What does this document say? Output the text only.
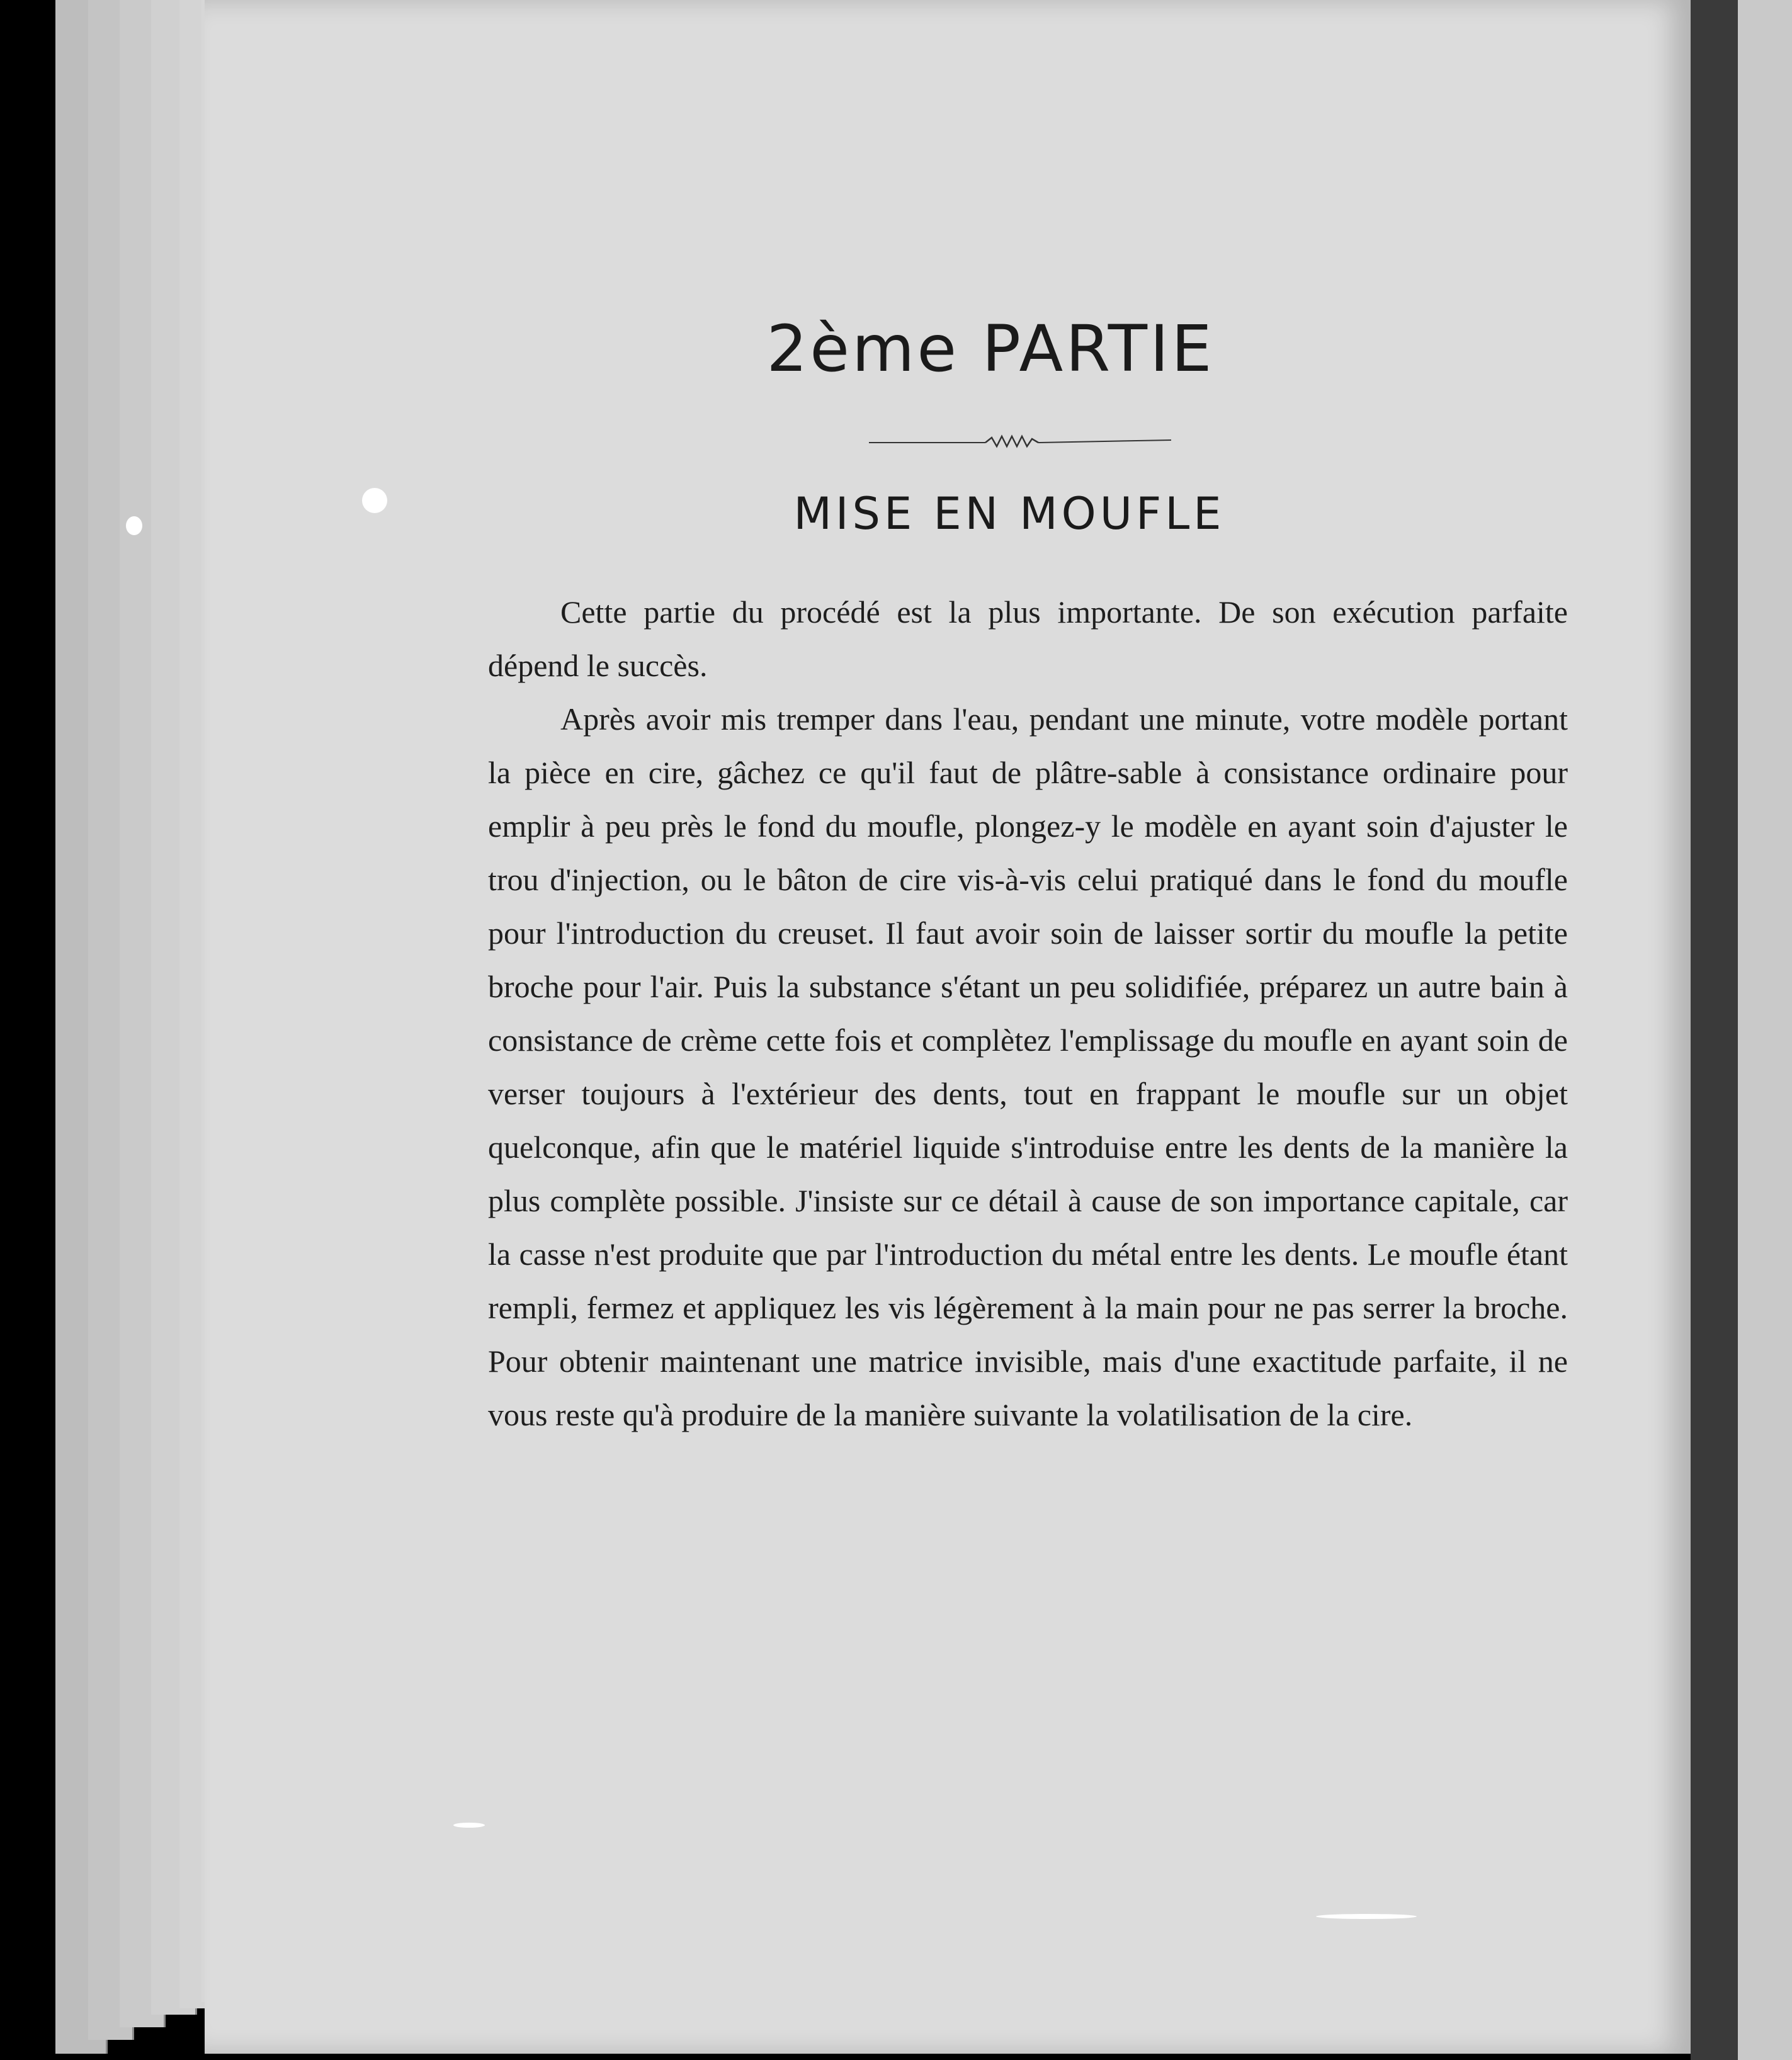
2ème PARTIE
MISE EN MOUFLE

Cette partie du procédé est la plus importante. De son exécution parfaite dépend le succès.

Après avoir mis tremper dans l'eau, pendant une minute, votre modèle portant la pièce en cire, gâchez ce qu'il faut de plâtre-sable à consistance ordinaire pour emplir à peu près le fond du moufle, plongez-y le modèle en ayant soin d'ajuster le trou d'injection, ou le bâton de cire vis-à-vis celui pratiqué dans le fond du moufle pour l'introduction du creuset. Il faut avoir soin de laisser sortir du moufle la petite broche pour l'air. Puis la substance s'étant un peu solidifiée, préparez un autre bain à consistance de crème cette fois et complètez l'emplissage du moufle en ayant soin de verser toujours à l'extérieur des dents, tout en frappant le moufle sur un objet quelconque, afin que le matériel liquide s'introduise entre les dents de la manière la plus complète possible. J'insiste sur ce détail à cause de son importance capitale, car la casse n'est produite que par l'introduction du métal entre les dents. Le moufle étant rempli, fermez et appliquez les vis légèrement à la main pour ne pas serrer la broche. Pour obtenir maintenant une matrice invisible, mais d'une exactitude parfaite, il ne vous reste qu'à produire de la manière suivante la volatilisation de la cire.
